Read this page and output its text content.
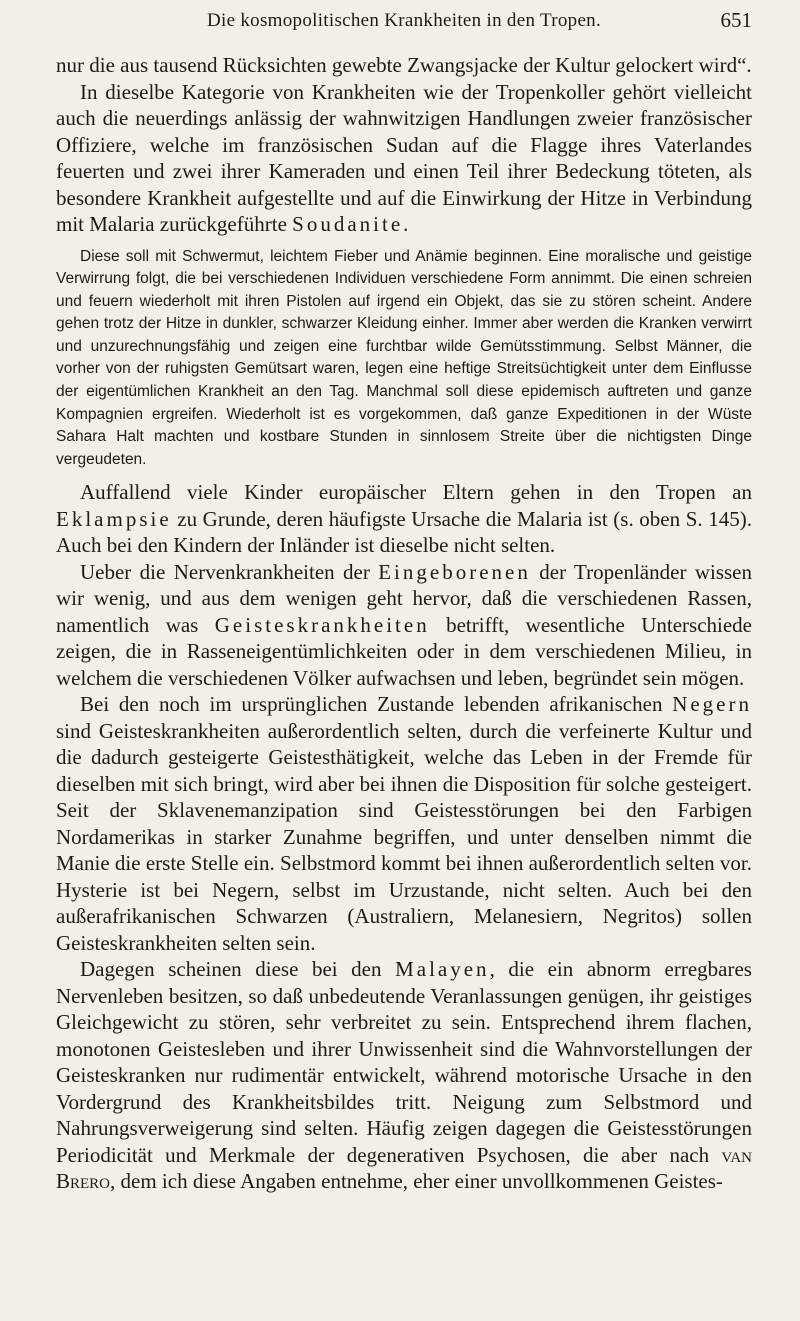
Die kosmopolitischen Krankheiten in den Tropen.	651

nur die aus tausend Rücksichten gewebte Zwangsjacke der Kultur gelockert wird“.

In dieselbe Kategorie von Krankheiten wie der Tropenkoller gehört vielleicht auch die neuerdings anlässig der wahnwitzigen Handlungen zweier französischer Offiziere, welche im französischen Sudan auf die Flagge ihres Vaterlandes feuerten und zwei ihrer Kameraden und einen Teil ihrer Bedeckung töteten, als besondere Krankheit aufgestellte und auf die Einwirkung der Hitze in Verbindung mit Malaria zurückgeführte Soudanite.

Diese soll mit Schwermut, leichtem Fieber und Anämie beginnen. Eine moralische und geistige Verwirrung folgt, die bei verschiedenen Individuen verschiedene Form annimmt. Die einen schreien und feuern wiederholt mit ihren Pistolen auf irgend ein Objekt, das sie zu stören scheint. Andere gehen trotz der Hitze in dunkler, schwarzer Kleidung einher. Immer aber werden die Kranken verwirrt und unzurechnungsfähig und zeigen eine furchtbar wilde Gemütsstimmung. Selbst Männer, die vorher von der ruhigsten Gemütsart waren, legen eine heftige Streitsüchtigkeit unter dem Einflusse der eigentümlichen Krankheit an den Tag. Manchmal soll diese epidemisch auftreten und ganze Kompagnien ergreifen. Wiederholt ist es vorgekommen, daß ganze Expeditionen in der Wüste Sahara Halt machten und kostbare Stunden in sinnlosem Streite über die nichtigsten Dinge vergeudeten.

Auffallend viele Kinder europäischer Eltern gehen in den Tropen an Eklampsie zu Grunde, deren häufigste Ursache die Malaria ist (s. oben S. 145). Auch bei den Kindern der Inländer ist dieselbe nicht selten.

Ueber die Nervenkrankheiten der Eingeborenen der Tropenländer wissen wir wenig, und aus dem wenigen geht hervor, daß die verschiedenen Rassen, namentlich was Geisteskrankheiten betrifft, wesentliche Unterschiede zeigen, die in Rasseneigentümlichkeiten oder in dem verschiedenen Milieu, in welchem die verschiedenen Völker aufwachsen und leben, begründet sein mögen.

Bei den noch im ursprünglichen Zustande lebenden afrikanischen Negern sind Geisteskrankheiten außerordentlich selten, durch die verfeinerte Kultur und die dadurch gesteigerte Geistesthätigkeit, welche das Leben in der Fremde für dieselben mit sich bringt, wird aber bei ihnen die Disposition für solche gesteigert. Seit der Sklavenemanzipation sind Geistesstörungen bei den Farbigen Nordamerikas in starker Zunahme begriffen, und unter denselben nimmt die Manie die erste Stelle ein. Selbstmord kommt bei ihnen außerordentlich selten vor. Hysterie ist bei Negern, selbst im Urzustande, nicht selten. Auch bei den außerafrikanischen Schwarzen (Australiern, Melanesiern, Negritos) sollen Geisteskrankheiten selten sein.

Dagegen scheinen diese bei den Malayen, die ein abnorm erregbares Nervenleben besitzen, so daß unbedeutende Veranlassungen genügen, ihr geistiges Gleichgewicht zu stören, sehr verbreitet zu sein. Entsprechend ihrem flachen, monotonen Geistesleben und ihrer Unwissenheit sind die Wahnvorstellungen der Geisteskranken nur rudimentär entwickelt, während motorische Ursache in den Vordergrund des Krankheitsbildes tritt. Neigung zum Selbstmord und Nahrungsverweigerung sind selten. Häufig zeigen dagegen die Geistesstörungen Periodicität und Merkmale der degenerativen Psychosen, die aber nach van Brero, dem ich diese Angaben entnehme, eher einer unvollkommenen Geistes-
